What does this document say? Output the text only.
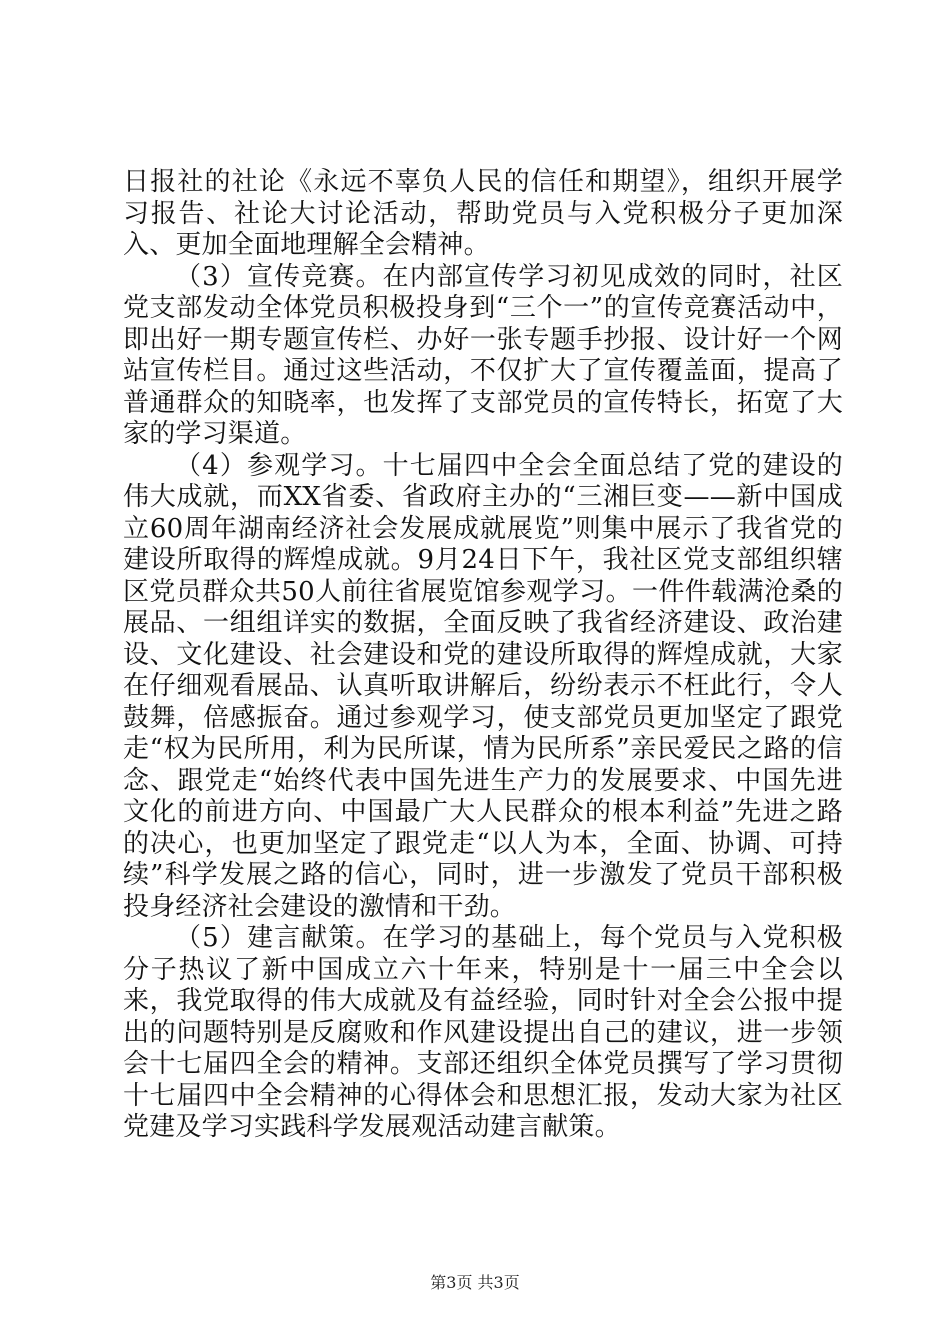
日报社的社论《永远不辜负人民的信任和期望》，组织开展学习报告、社论大讨论活动，帮助党员与入党积极分子更加深入、更加全面地理解全会精神。

（3）宣传竞赛。在内部宣传学习初见成效的同时，社区党支部发动全体党员积极投身到“三个一”的宣传竞赛活动中，即出好一期专题宣传栏、办好一张专题手抄报、设计好一个网站宣传栏目。通过这些活动，不仅扩大了宣传覆盖面，提高了普通群众的知晓率，也发挥了支部党员的宣传特长，拓宽了大家的学习渠道。

（4）参观学习。十七届四中全会全面总结了党的建设的伟大成就，而XX省委、省政府主办的“三湘巨变——新中国成立60周年湖南经济社会发展成就展览”则集中展示了我省党的建设所取得的辉煌成就。9月24日下午，我社区党支部组织辖区党员群众共50人前往省展览馆参观学习。一件件载满沧桑的展品、一组组详实的数据，全面反映了我省经济建设、政治建设、文化建设、社会建设和党的建设所取得的辉煌成就，大家在仔细观看展品、认真听取讲解后，纷纷表示不枉此行，令人鼓舞，倍感振奋。通过参观学习，使支部党员更加坚定了跟党走“权为民所用，利为民所谋，情为民所系”亲民爱民之路的信念、跟党走“始终代表中国先进生产力的发展要求、中国先进文化的前进方向、中国最广大人民群众的根本利益”先进之路的决心，也更加坚定了跟党走“以人为本，全面、协调、可持续”科学发展之路的信心，同时，进一步激发了党员干部积极投身经济社会建设的激情和干劲。

（5）建言献策。在学习的基础上，每个党员与入党积极分子热议了新中国成立六十年来，特别是十一届三中全会以来，我党取得的伟大成就及有益经验，同时针对全会公报中提出的问题特别是反腐败和作风建设提出自己的建议，进一步领会十七届四全会的精神。支部还组织全体党员撰写了学习贯彻十七届四中全会精神的心得体会和思想汇报，发动大家为社区党建及学习实践科学发展观活动建言献策。

第3页 共3页
